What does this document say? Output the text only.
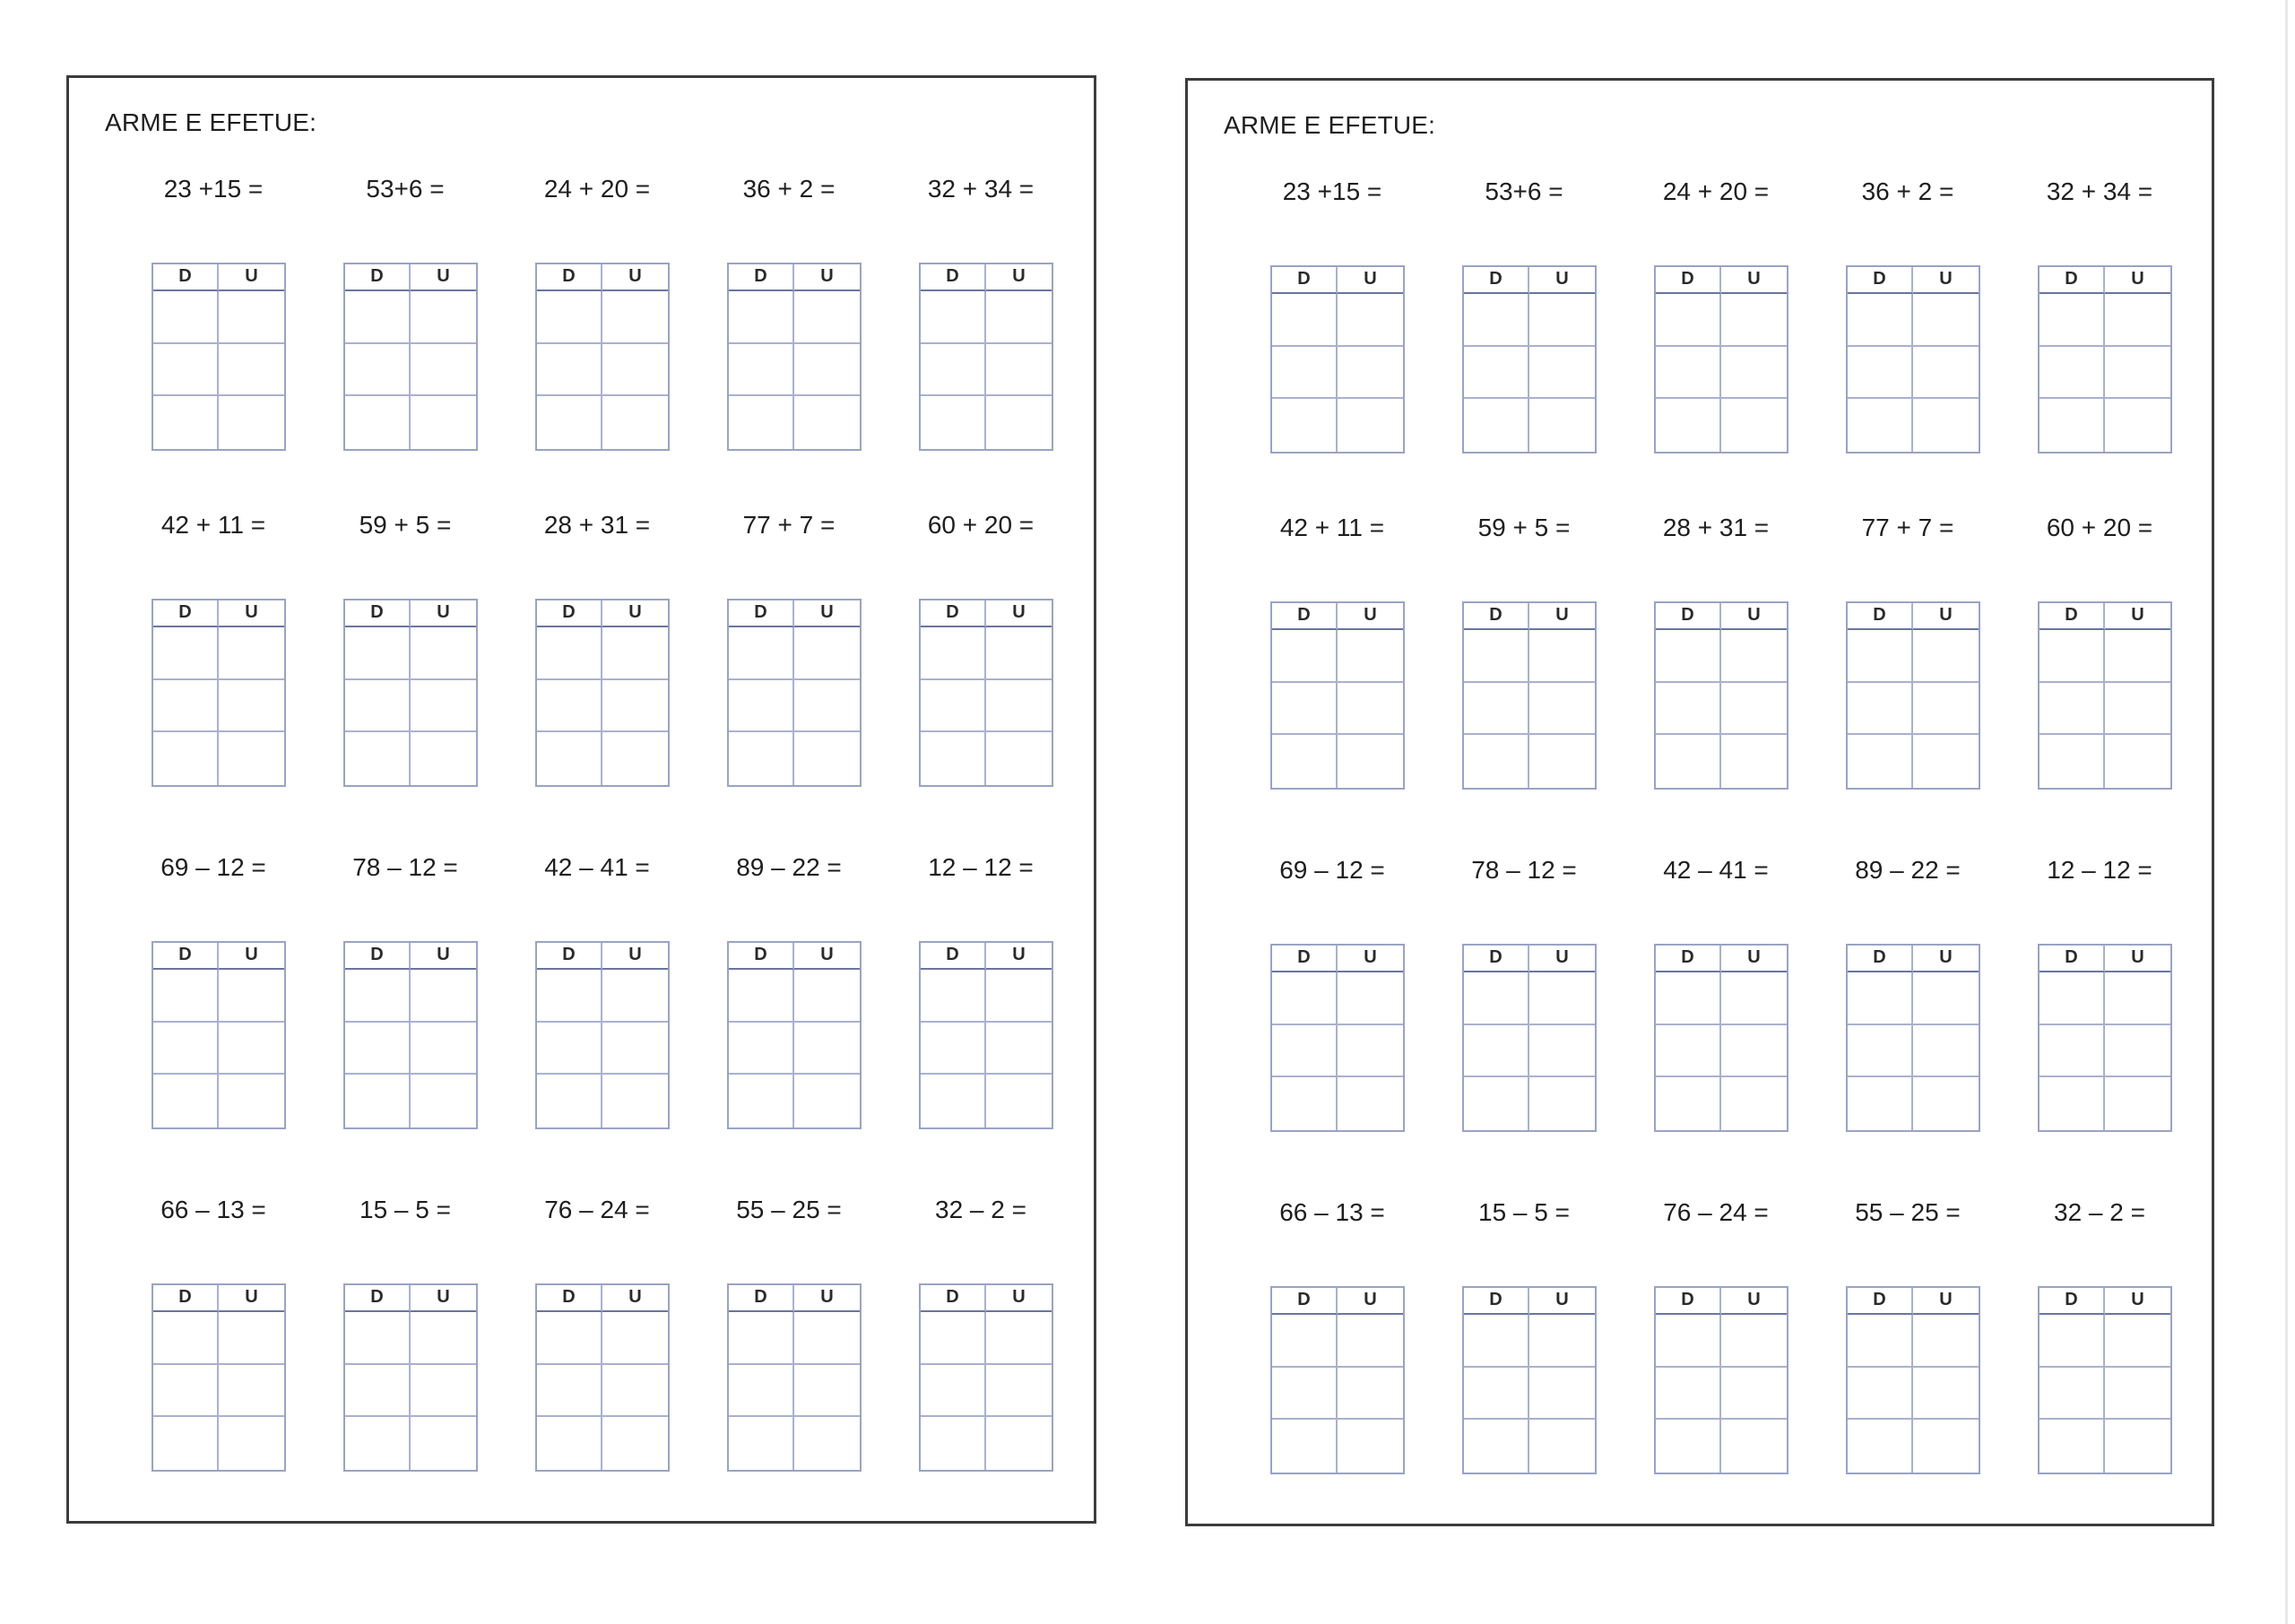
ARME E EFETUE:
23 +15 =
D	U
53+6 =
D	U
24 + 20 =
D	U
36 + 2 =
D	U
32 + 34 =
D	U
42 + 11 =
D	U
59 + 5 =
D	U
28 + 31 =
D	U
77 + 7 =
D	U
60 + 20 =
D	U
69 – 12 =
D	U
78 – 12 =
D	U
42 – 41 =
D	U
89 – 22 =
D	U
12 – 12 =
D	U
66 – 13 =
D	U
15 – 5 =
D	U
76 – 24 =
D	U
55 – 25 =
D	U
32 – 2 =
D	U
ARME E EFETUE:
23 +15 =
D	U
53+6 =
D	U
24 + 20 =
D	U
36 + 2 =
D	U
32 + 34 =
D	U
42 + 11 =
D	U
59 + 5 =
D	U
28 + 31 =
D	U
77 + 7 =
D	U
60 + 20 =
D	U
69 – 12 =
D	U
78 – 12 =
D	U
42 – 41 =
D	U
89 – 22 =
D	U
12 – 12 =
D	U
66 – 13 =
D	U
15 – 5 =
D	U
76 – 24 =
D	U
55 – 25 =
D	U
32 – 2 =
D	U
